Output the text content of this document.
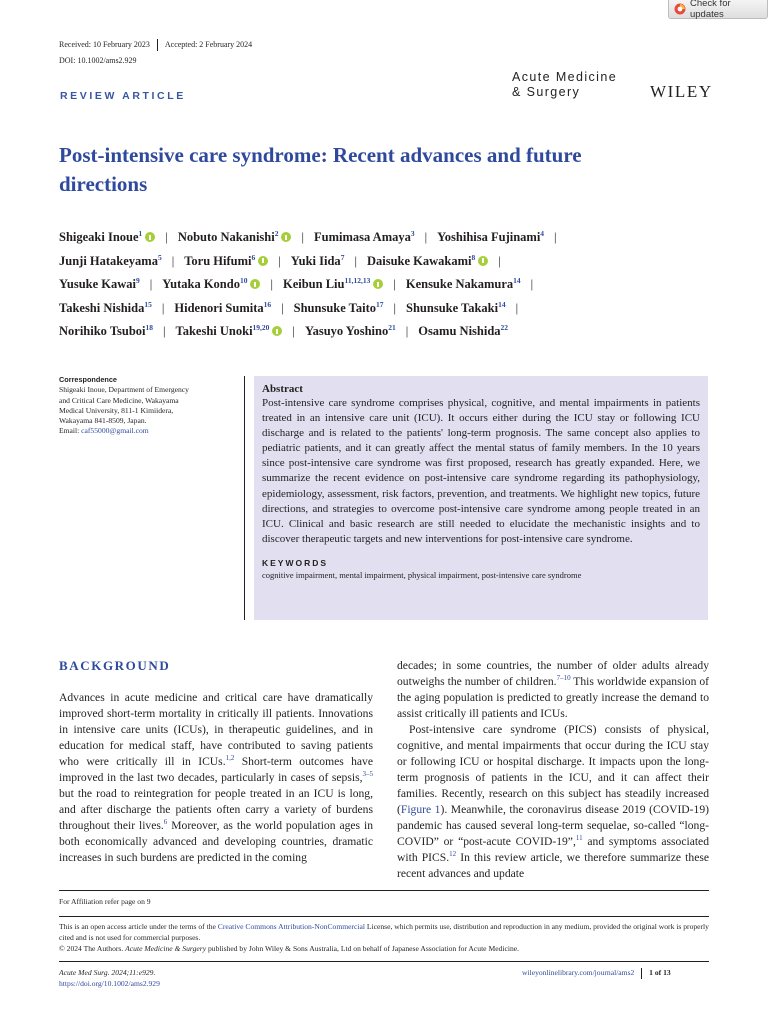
Check for updates
Received: 10 February 2023 Accepted: 2 February 2024
DOI: 10.1002/ams2.929
Acute Medicine
& Surgery	WILEY
REVIEW ARTICLE
Post-intensive care syndrome: Recent advances and future directions
Shigeaki Inoue$^1$ | Nobuto Nakanishi$^2$ | Fumimasa Amaya$^3$ | Yoshihisa Fujinami$^4$ |
Junji Hatakeyama$^5$ | Toru Hifumi$^6$ | Yuki Iida$^7$ | Daisuke Kawakami$^8$ |
Yusuke Kawai$^9$ | Yutaka Kondo$^{10}$ | Keibun Liu$^{11,12,13}$ | Kensuke Nakamura$^{14}$ |
Takeshi Nishida$^{15}$ | Hidenori Sumita$^{16}$ | Shunsuke Taito$^{17}$ | Shunsuke Takaki$^{14}$ |
Norihiko Tsuboi$^{18}$ | Takeshi Unoki$^{19,20}$ | Yasuyo Yoshino$^{21}$ | Osamu Nishida$^{22}$
Correspondence
Shigeaki Inoue, Department of Emergency
and Critical Care Medicine, Wakayama
Medical University, 811-1 Kimiidera,
Wakayama 841-8509, Japan.
Email: caf55000@gmail.com
Abstract
Post-intensive care syndrome comprises physical, cognitive, and mental impairments in patients treated in an intensive care unit (ICU). It occurs either during the ICU stay or following ICU discharge and is related to the patients' long-term prognosis. The same concept also applies to pediatric patients, and it can greatly affect the mental status of family members. In the 10 years since post-intensive care syndrome was first proposed, research has greatly expanded. Here, we summarize the recent evidence on post-intensive care syndrome regarding its pathophysiology, epidemiology, assessment, risk factors, prevention, and treatments. We highlight new topics, future directions, and strategies to overcome post-intensive care syndrome among people treated in an ICU. Clinical and basic research are still needed to elucidate the mechanistic insights and to discover therapeutic targets and new interventions for post-intensive care syndrome.
KEYWORDS
cognitive impairment, mental impairment, physical impairment, post-intensive care syndrome
BACKGROUND

Advances in acute medicine and critical care have dramatically improved short-term mortality in critically ill patients. Innovations in intensive care units (ICUs), in therapeutic guidelines, and in education for medical staff, have contributed to saving patients who were critically ill in ICUs.$^{1,2}$ Short-term outcomes have improved in the last two decades, particularly in cases of sepsis,$^{3-5}$ but the road to reintegration for people treated in an ICU is long, and after discharge the patients often carry a variety of burdens throughout their lives.$^6$ Moreover, as the world population ages in both economically advanced and developing countries, dramatic increases in such burdens are predicted in the coming

decades; in some countries, the number of older adults already outweighs the number of children.$^{7-10}$ This worldwide expansion of the aging population is predicted to greatly increase the demand to assist critically ill patients and ICUs.

Post-intensive care syndrome (PICS) consists of physical, cognitive, and mental impairments that occur during the ICU stay or following ICU or hospital discharge. It impacts upon the long-term prognosis of patients in the ICU, and it can affect their families. Recently, research on this subject has steadily increased (Figure 1). Meanwhile, the coronavirus disease 2019 (COVID-19) pandemic has caused several long-term sequelae, so-called “long-COVID” or “post-acute COVID-19”,$^{11}$ and symptoms associated with PICS.$^{12}$ In this review article, we therefore summarize these recent advances and update

For Affiliation refer page on 9
This is an open access article under the terms of the Creative Commons Attribution-NonCommercial License, which permits use, distribution and reproduction in any medium, provided the original work is properly cited and is not used for commercial purposes.
© 2024 The Authors. Acute Medicine & Surgery published by John Wiley & Sons Australia, Ltd on behalf of Japanese Association for Acute Medicine.
Acute Med Surg. 2024;11:e929.
https://doi.org/10.1002/ams2.929
wileyonlinelibrary.com/journal/ams2 1 of 13
